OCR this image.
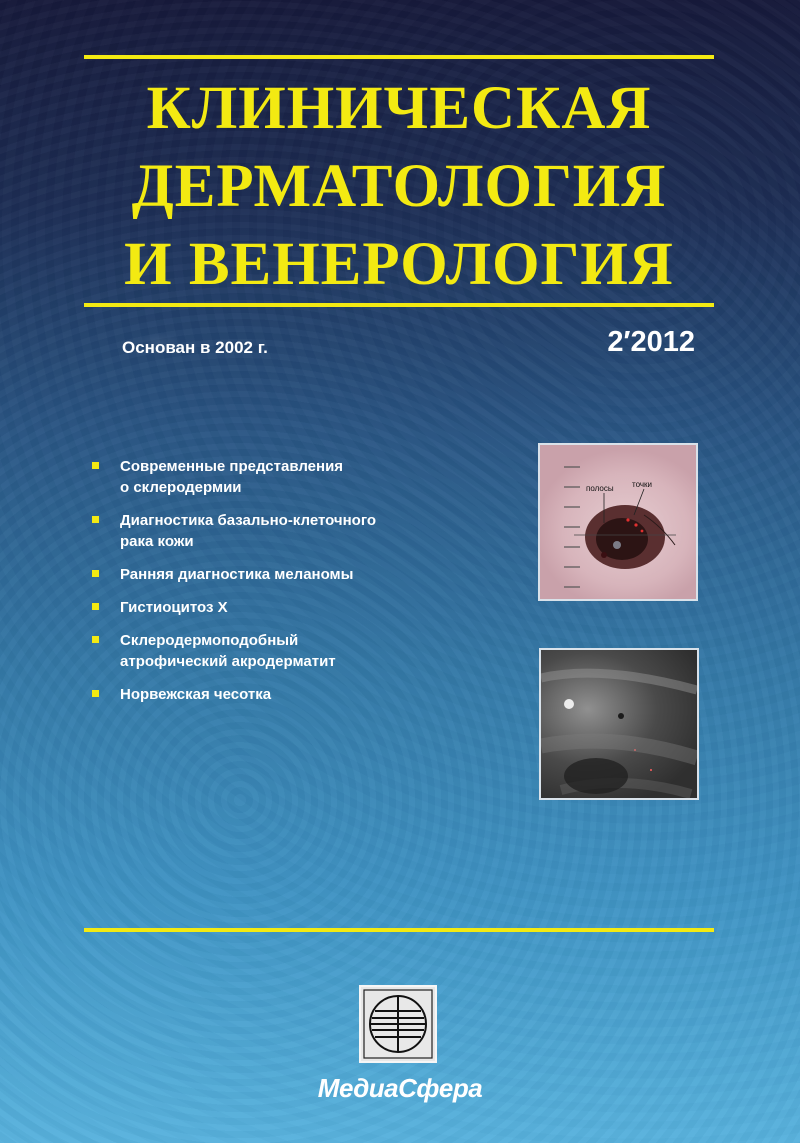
КЛИНИЧЕСКАЯ
ДЕРМАТОЛОГИЯ
И ВЕНЕРОЛОГИЯ
Основан в 2002 г.	2′2012
Современные представления
о склеродермии
Диагностика базально-клеточного
рака кожи
Ранняя диагностика меланомы
Гистиоцитоз Х
Склеродермоподобный
атрофический акродерматит
Норвежская чесотка
полосы точки
МедиаСфера
